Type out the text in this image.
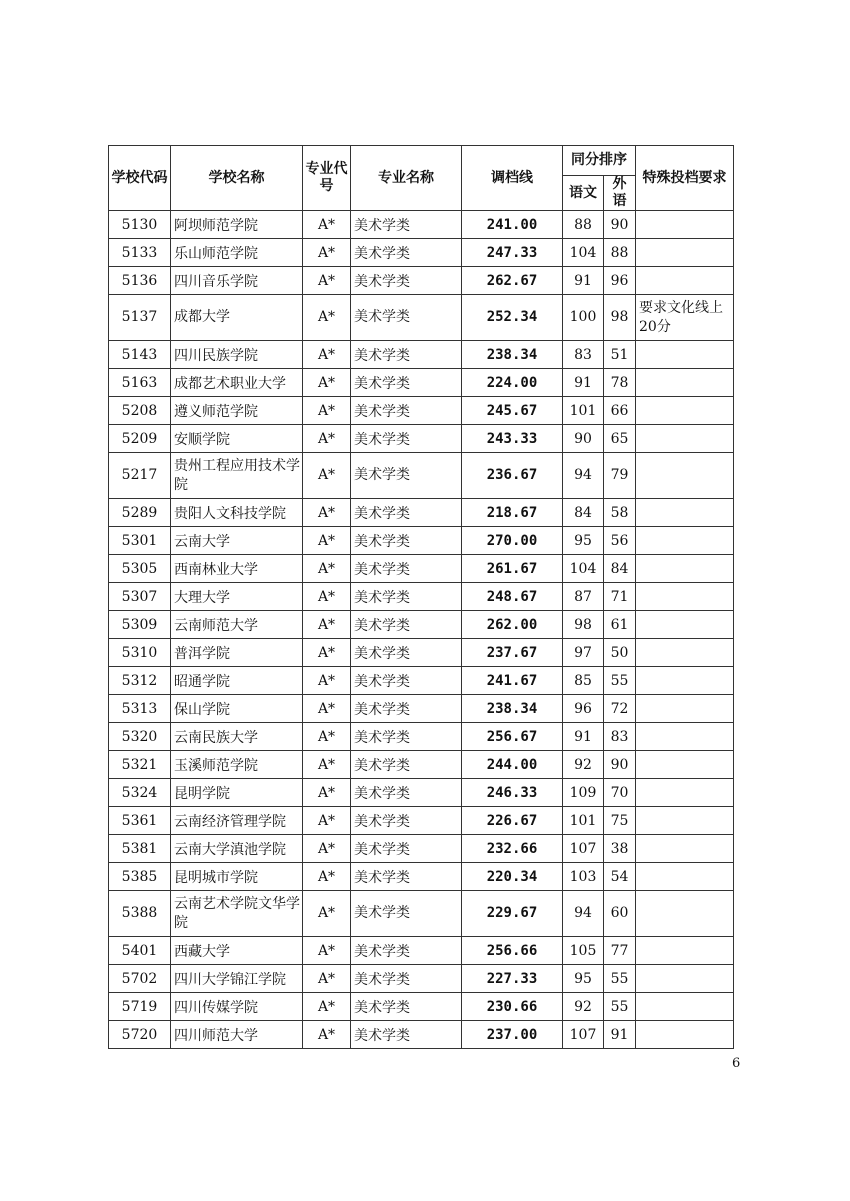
学校代码	学校名称	专业代号	专业名称	调档线	同分排序		特殊投档要求
					语文	外语	
5130	阿坝师范学院	A*	美术学类	241.00	88	90	
5133	乐山师范学院	A*	美术学类	247.33	104	88	
5136	四川音乐学院	A*	美术学类	262.67	91	96	
5137	成都大学	A*	美术学类	252.34	100	98	要求文化线上20分
5143	四川民族学院	A*	美术学类	238.34	83	51	
5163	成都艺术职业大学	A*	美术学类	224.00	91	78	
5208	遵义师范学院	A*	美术学类	245.67	101	66	
5209	安顺学院	A*	美术学类	243.33	90	65	
5217	贵州工程应用技术学院	A*	美术学类	236.67	94	79	
5289	贵阳人文科技学院	A*	美术学类	218.67	84	58	
5301	云南大学	A*	美术学类	270.00	95	56	
5305	西南林业大学	A*	美术学类	261.67	104	84	
5307	大理大学	A*	美术学类	248.67	87	71	
5309	云南师范大学	A*	美术学类	262.00	98	61	
5310	普洱学院	A*	美术学类	237.67	97	50	
5312	昭通学院	A*	美术学类	241.67	85	55	
5313	保山学院	A*	美术学类	238.34	96	72	
5320	云南民族大学	A*	美术学类	256.67	91	83	
5321	玉溪师范学院	A*	美术学类	244.00	92	90	
5324	昆明学院	A*	美术学类	246.33	109	70	
5361	云南经济管理学院	A*	美术学类	226.67	101	75	
5381	云南大学滇池学院	A*	美术学类	232.66	107	38	
5385	昆明城市学院	A*	美术学类	220.34	103	54	
5388	云南艺术学院文华学院	A*	美术学类	229.67	94	60	
5401	西藏大学	A*	美术学类	256.66	105	77	
5702	四川大学锦江学院	A*	美术学类	227.33	95	55	
5719	四川传媒学院	A*	美术学类	230.66	92	55	
5720	四川师范大学	A*	美术学类	237.00	107	91	
6
